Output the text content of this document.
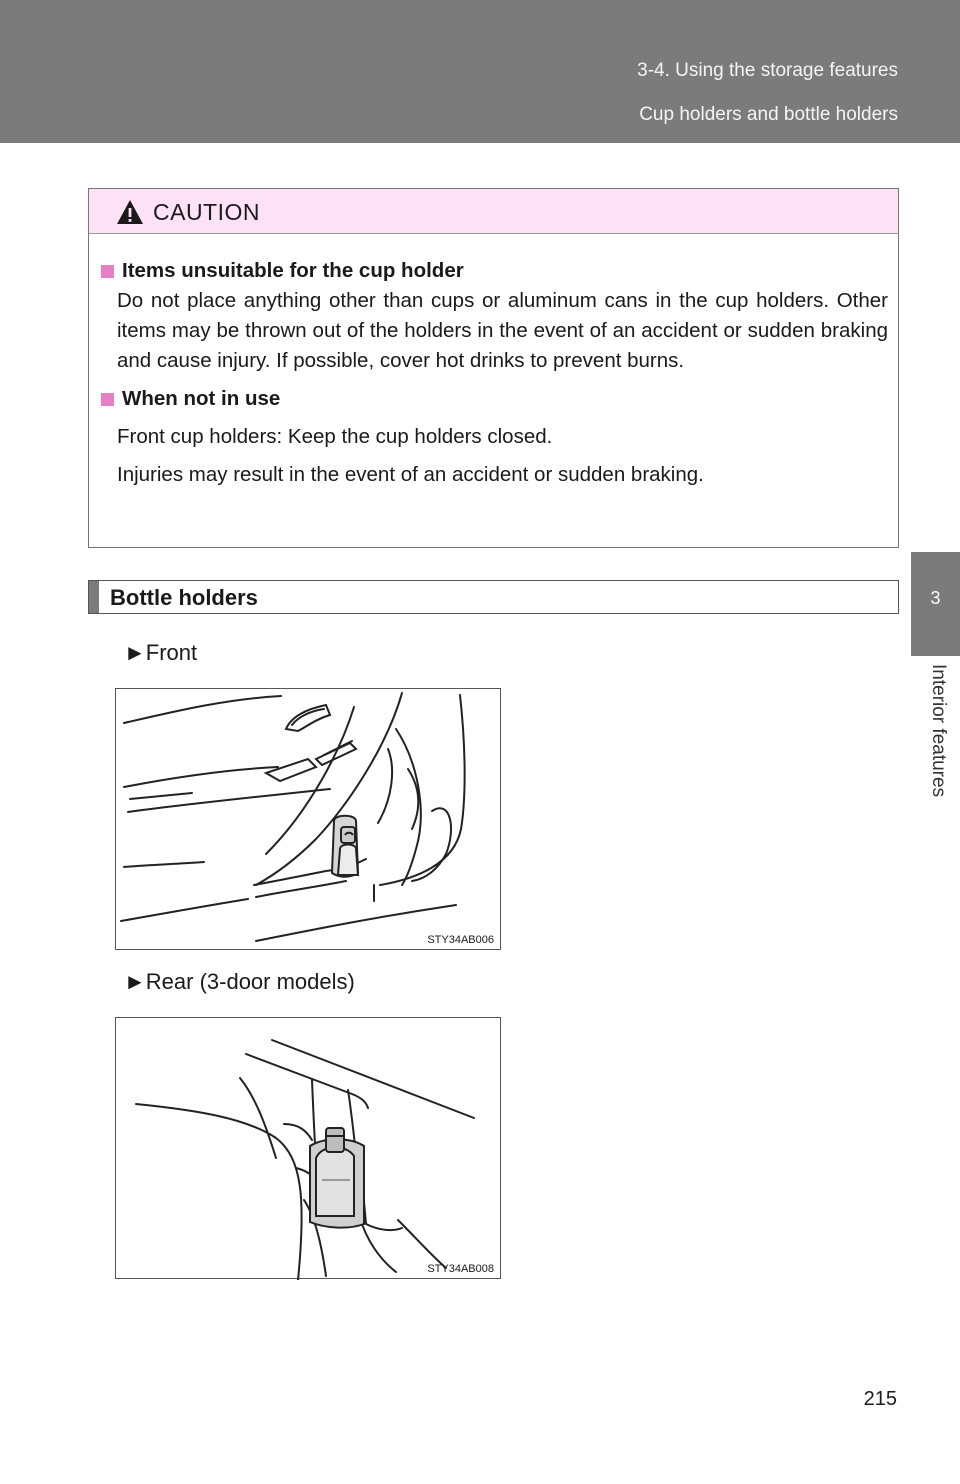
3-4. Using the storage features
Cup holders and bottle holders
3
Interior features
CAUTION
Items unsuitable for the cup holder
Do not place anything other than cups or aluminum cans in the cup holders. Other items may be thrown out of the holders in the event of an accident or sudden braking and cause injury. If possible, cover hot drinks to prevent burns.
When not in use
Front cup holders: Keep the cup holders closed.
Injuries may result in the event of an accident or sudden braking.
Bottle holders
►Front
STY34AB006
►Rear (3-door models)
STY34AB008
215
